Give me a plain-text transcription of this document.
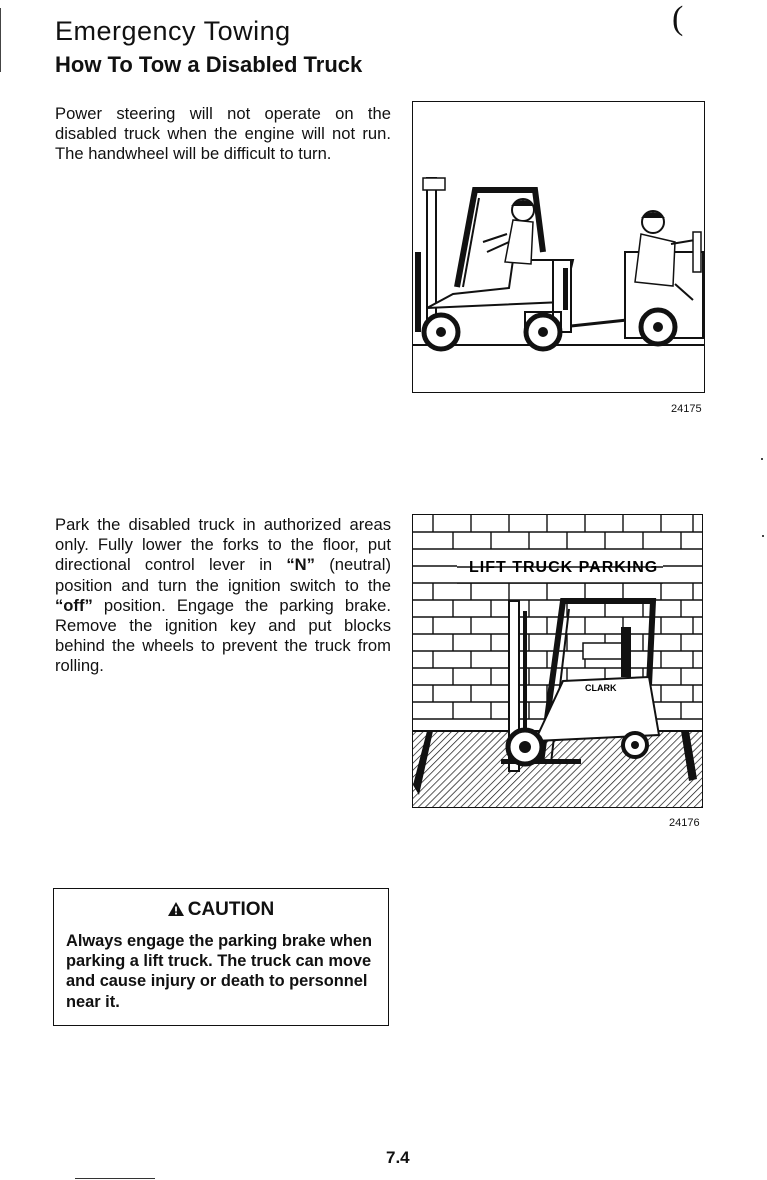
Emergency Towing
How To Tow a Disabled Truck
(

Power steering will not operate on the disabled truck when the engine will not run. The handwheel will be difficult to turn.

24175

Park the disabled truck in authorized areas only. Fully lower the forks to the floor, put directional control lever in “N” (neutral) position and turn the ignition switch to the “off” position. Engage the parking brake. Remove the ignition key and put blocks behind the wheels to prevent the truck from rolling.

LIFT TRUCK PARKING
CLARK
24176
CAUTION

Always engage the parking brake when parking a lift truck. The truck can move and cause injury or death to personnel near it.

7.4
